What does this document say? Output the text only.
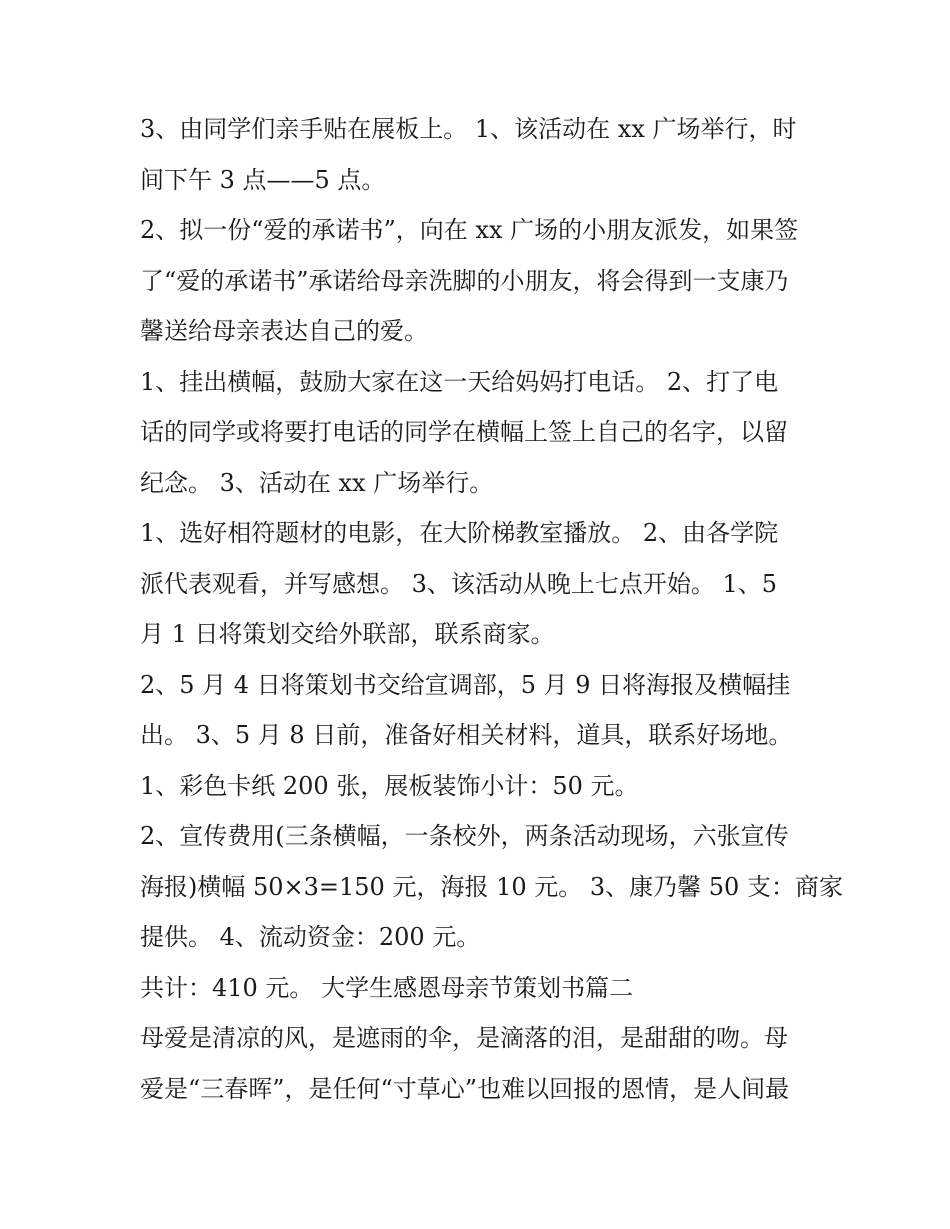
3、由同学们亲手贴在展板上。 1、该活动在 xx 广场举行，时
间下午 3 点——5 点。
2、拟一份“爱的承诺书”，向在 xx 广场的小朋友派发，如果签
了“爱的承诺书”承诺给母亲洗脚的小朋友，将会得到一支康乃
馨送给母亲表达自己的爱。
1、挂出横幅，鼓励大家在这一天给妈妈打电话。 2、打了电
话的同学或将要打电话的同学在横幅上签上自己的名字，以留
纪念。 3、活动在 xx 广场举行。
1、选好相符题材的电影，在大阶梯教室播放。 2、由各学院
派代表观看，并写感想。 3、该活动从晚上七点开始。 1、5
月 1 日将策划交给外联部，联系商家。
2、5 月 4 日将策划书交给宣调部，5 月 9 日将海报及横幅挂
出。 3、5 月 8 日前，准备好相关材料，道具，联系好场地。
1、彩色卡纸 200 张，展板装饰小计：50 元。
2、宣传费用(三条横幅，一条校外，两条活动现场，六张宣传
海报)横幅 50×3=150 元，海报 10 元。 3、康乃馨 50 支：商家
提供。 4、流动资金：200 元。
共计：410 元。 大学生感恩母亲节策划书篇二
母爱是清凉的风，是遮雨的伞，是滴落的泪，是甜甜的吻。母
爱是“三春晖”，是任何“寸草心”也难以回报的恩情，是人间最
